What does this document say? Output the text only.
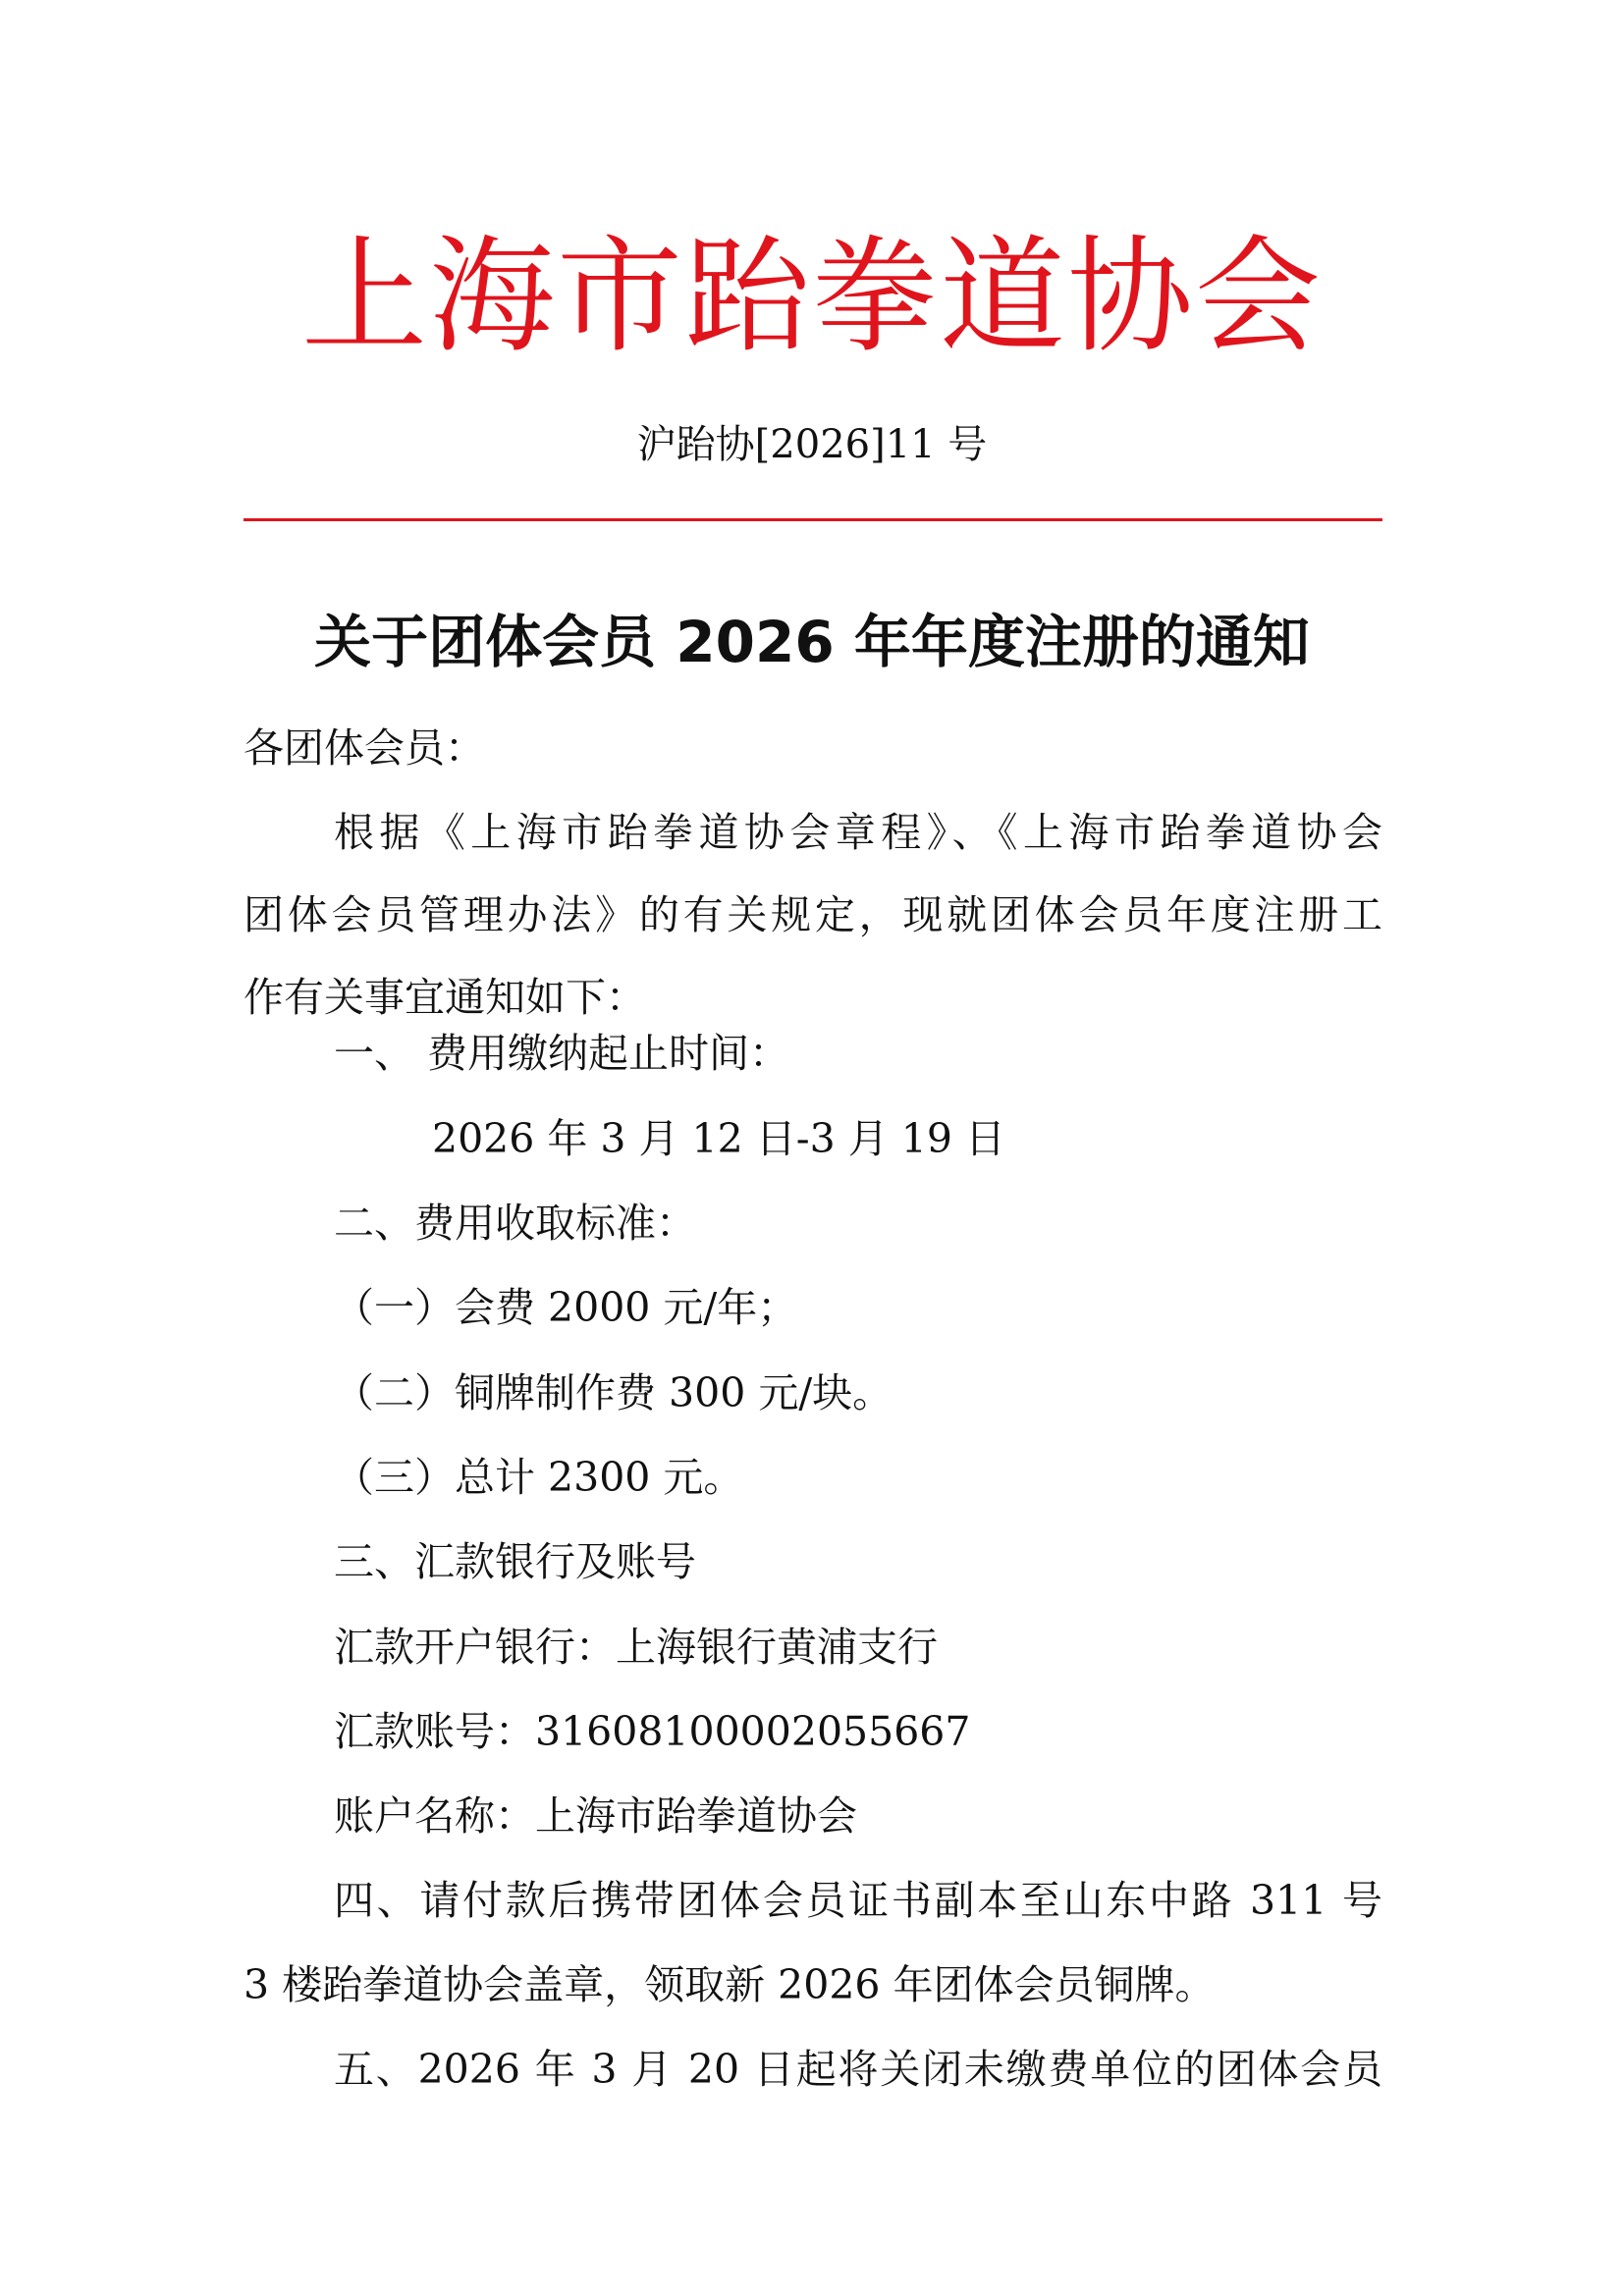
上海市跆拳道协会
沪跆协[2026]11 号
关于团体会员 2026 年年度注册的通知
各团体会员：
根据《上海市跆拳道协会章程》、《上海市跆拳道协会
团体会员管理办法》的有关规定，现就团体会员年度注册工
作有关事宜通知如下：
一、 费用缴纳起止时间：
2026 年 3 月 12 日-3 月 19 日
二、费用收取标准：
（一）会费 2000 元/年；
（二）铜牌制作费 300 元/块。
（三）总计 2300 元。
三、汇款银行及账号
汇款开户银行：上海银行黄浦支行
汇款账号：31608100002055667
账户名称：上海市跆拳道协会
四、请付款后携带团体会员证书副本至山东中路 311 号
3 楼跆拳道协会盖章，领取新 2026 年团体会员铜牌。
五、2026 年 3 月 20 日起将关闭未缴费单位的团体会员
